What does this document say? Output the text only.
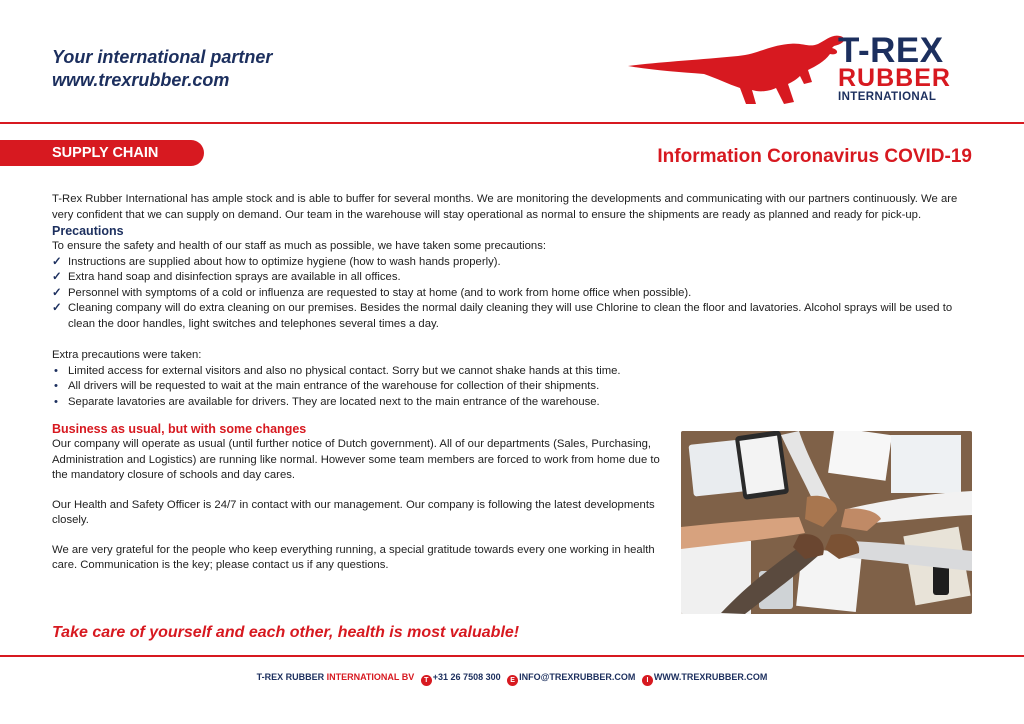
Your international partner
www.trexrubber.com
T-REX
RUBBER
INTERNATIONAL
SUPPLY CHAIN	Information Coronavirus COVID-19

T-Rex Rubber International has ample stock and is able to buffer for several months. We are monitoring the developments and communicating with our partners continuously. We are very confident that we can supply on demand. Our team in the warehouse will stay operational as normal to ensure the shipments are ready as planned and ready for pick-up.

Precautions

To ensure the safety and health of our staff as much as possible, we have taken some precautions:

✓ Instructions are supplied about how to optimize hygiene (how to wash hands properly).
✓ Extra hand soap and disinfection sprays are available in all offices.
✓ Personnel with symptoms of a cold or influenza are requested to stay at home (and to work from home office when possible).
✓ Cleaning company will do extra cleaning on our premises. Besides the normal daily cleaning they will use Chlorine to clean the floor and lavatories. Alcohol sprays will be used to clean the door handles, light switches and telephones several times a day.

Extra precautions were taken:

• Limited access for external visitors and also no physical contact. Sorry but we cannot shake hands at this time.
• All drivers will be requested to wait at the main entrance of the warehouse for collection of their shipments.
• Separate lavatories are available for drivers. They are located next to the main entrance of the warehouse.
Business as usual, but with some changes

Our company will operate as usual (until further notice of Dutch government). All of our departments (Sales, Purchasing, Administration and Logistics) are running like normal. However some team members are forced to work from home due to the mandatory closure of schools and day cares.

Our Health and Safety Officer is 24/7 in contact with our management. Our company is following the latest developments closely.

We are very grateful for the people who keep everything running, a special gratitude towards every one working in health care. Communication is the key; please contact us if any questions.

Take care of yourself and each other, health is most valuable!
T-REX RUBBER INTERNATIONAL BV T +31 26 7508 300 E INFO@TREXRUBBER.COM I WWW.TREXRUBBER.COM
